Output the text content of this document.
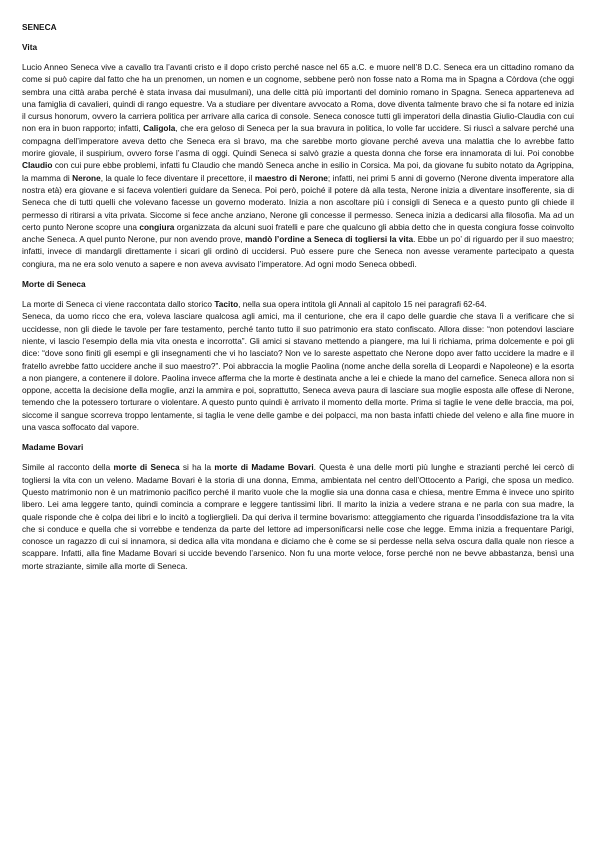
SENECA
Vita

Lucio Anneo Seneca vive a cavallo tra l’avanti cristo e il dopo cristo perché nasce nel 65 a.C. e muore nell’8 D.C. Seneca era un cittadino romano da come si può capire dal fatto che ha un prenomen, un nomen e un cognome, sebbene però non fosse nato a Roma ma in Spagna a Còrdova (che oggi sembra una città araba perché è stata invasa dai musulmani), una delle città più importanti del dominio romano in Spagna. Seneca apparteneva ad una famiglia di cavalieri, quindi di rango equestre. Va a studiare per diventare avvocato a Roma, dove diventa talmente bravo che si fa notare ed inizia il cursus honorum, ovvero la carriera politica per arrivare alla carica di console. Seneca conosce tutti gli imperatori della dinastia Giulio-Claudia con cui non era in buon rapporto; infatti, Caligola, che era geloso di Seneca per la sua bravura in politica, lo volle far uccidere. Si riuscì a salvare perché una compagna dell’imperatore aveva detto che Seneca era sì bravo, ma che sarebbe morto giovane perché aveva una malattia che lo avrebbe fatto morire giovale, il suspirium, ovvero forse l’asma di oggi. Quindi Seneca si salvò grazie a questa donna che forse era innamorata di lui. Poi conobbe Claudio con cui pure ebbe problemi, infatti fu Claudio che mandò Seneca anche in esilio in Corsica. Ma poi, da giovane fu subito notato da Agrippina, la mamma di Nerone, la quale lo fece diventare il precettore, il maestro di Nerone; infatti, nei primi 5 anni di governo (Nerone diventa imperatore alla nostra età) era giovane e si faceva volentieri guidare da Seneca. Poi però, poiché il potere dà alla testa, Nerone inizia a diventare insofferente, sia di Seneca che di tutti quelli che volevano facesse un governo moderato. Inizia a non ascoltare più i consigli di Seneca e a questo punto gli chiede il permesso di ritirarsi a vita privata. Siccome si fece anche anziano, Nerone gli concesse il permesso. Seneca inizia a dedicarsi alla filosofia. Ma ad un certo punto Nerone scopre una congiura organizzata da alcuni suoi fratelli e pare che qualcuno gli abbia detto che in questa congiura fosse coinvolto anche Seneca. A quel punto Nerone, pur non avendo prove, mandò l’ordine a Seneca di togliersi la vita. Ebbe un po’ di riguardo per il suo maestro; infatti, invece di mandargli direttamente i sicari gli ordinò di uccidersi. Può essere pure che Seneca non avesse veramente partecipato a questa congiura, ma ne era solo venuto a sapere e non aveva avvisato l’imperatore. Ad ogni modo Seneca obbedì.

Morte di Seneca

La morte di Seneca ci viene raccontata dallo storico Tacito, nella sua opera intitola gli Annali al capitolo 15 nei paragrafi 62-64.

Seneca, da uomo ricco che era, voleva lasciare qualcosa agli amici, ma il centurione, che era il capo delle guardie che stava lì a verificare che si uccidesse, non gli diede le tavole per fare testamento, perché tanto tutto il suo patrimonio era stato confiscato. Allora disse: “non potendovi lasciare niente, vi lascio l’esempio della mia vita onesta e incorrotta”. Gli amici si stavano mettendo a piangere, ma lui li richiama, prima dolcemente e poi gli dice: “dove sono finiti gli esempi e gli insegnamenti che vi ho lasciato? Non ve lo sareste aspettato che Nerone dopo aver fatto uccidere la madre e il fratello avrebbe fatto uccidere anche il suo maestro?”. Poi abbraccia la moglie Paolina (nome anche della sorella di Leopardi e Napoleone) e la esorta a non piangere, a contenere il dolore. Paolina invece afferma che la morte è destinata anche a lei e chiede la mano del carnefice. Seneca allora non si oppone, accetta la decisione della moglie, anzi la ammira e poi, soprattutto, Seneca aveva paura di lasciare sua moglie esposta alle offese di Nerone, temendo che la potessero torturare o violentare. A questo punto quindi è arrivato il momento della morte. Prima si taglie le vene delle braccia, ma poi, siccome il sangue scorreva troppo lentamente, si taglia le vene delle gambe e dei polpacci, ma non basta infatti chiede del veleno e alla fine muore in una vasca soffocato dal vapore.

Madame Bovari

Simile al racconto della morte di Seneca si ha la morte di Madame Bovari. Questa è una delle morti più lunghe e strazianti perché lei cercò di togliersi la vita con un veleno. Madame Bovari è la storia di una donna, Emma, ambientata nel centro dell’Ottocento a Parigi, che sposa un medico. Questo matrimonio non è un matrimonio pacifico perché il marito vuole che la moglie sia una donna casa e chiesa, mentre Emma è invece uno spirito libero. Lei ama leggere tanto, quindi comincia a comprare e leggere tantissimi libri. Il marito la inizia a vedere strana e ne parla con sua madre, la quale risponde che è colpa dei libri e lo incitò a toglierglieli. Da qui deriva il termine bovarismo: atteggiamento che riguarda l’insoddisfazione tra la vita che si conduce e quella che si vorrebbe e tendenza da parte del lettore ad impersonificarsi nelle cose che legge. Emma inizia a frequentare Parigi, conosce un ragazzo di cui si innamora, si dedica alla vita mondana e diciamo che è come se si perdesse nella selva oscura dalla quale non riesce a scappare. Infatti, alla fine Madame Bovari si uccide bevendo l’arsenico. Non fu una morte veloce, forse perché non ne bevve abbastanza, bensì una morte straziante, simile alla morte di Seneca.
